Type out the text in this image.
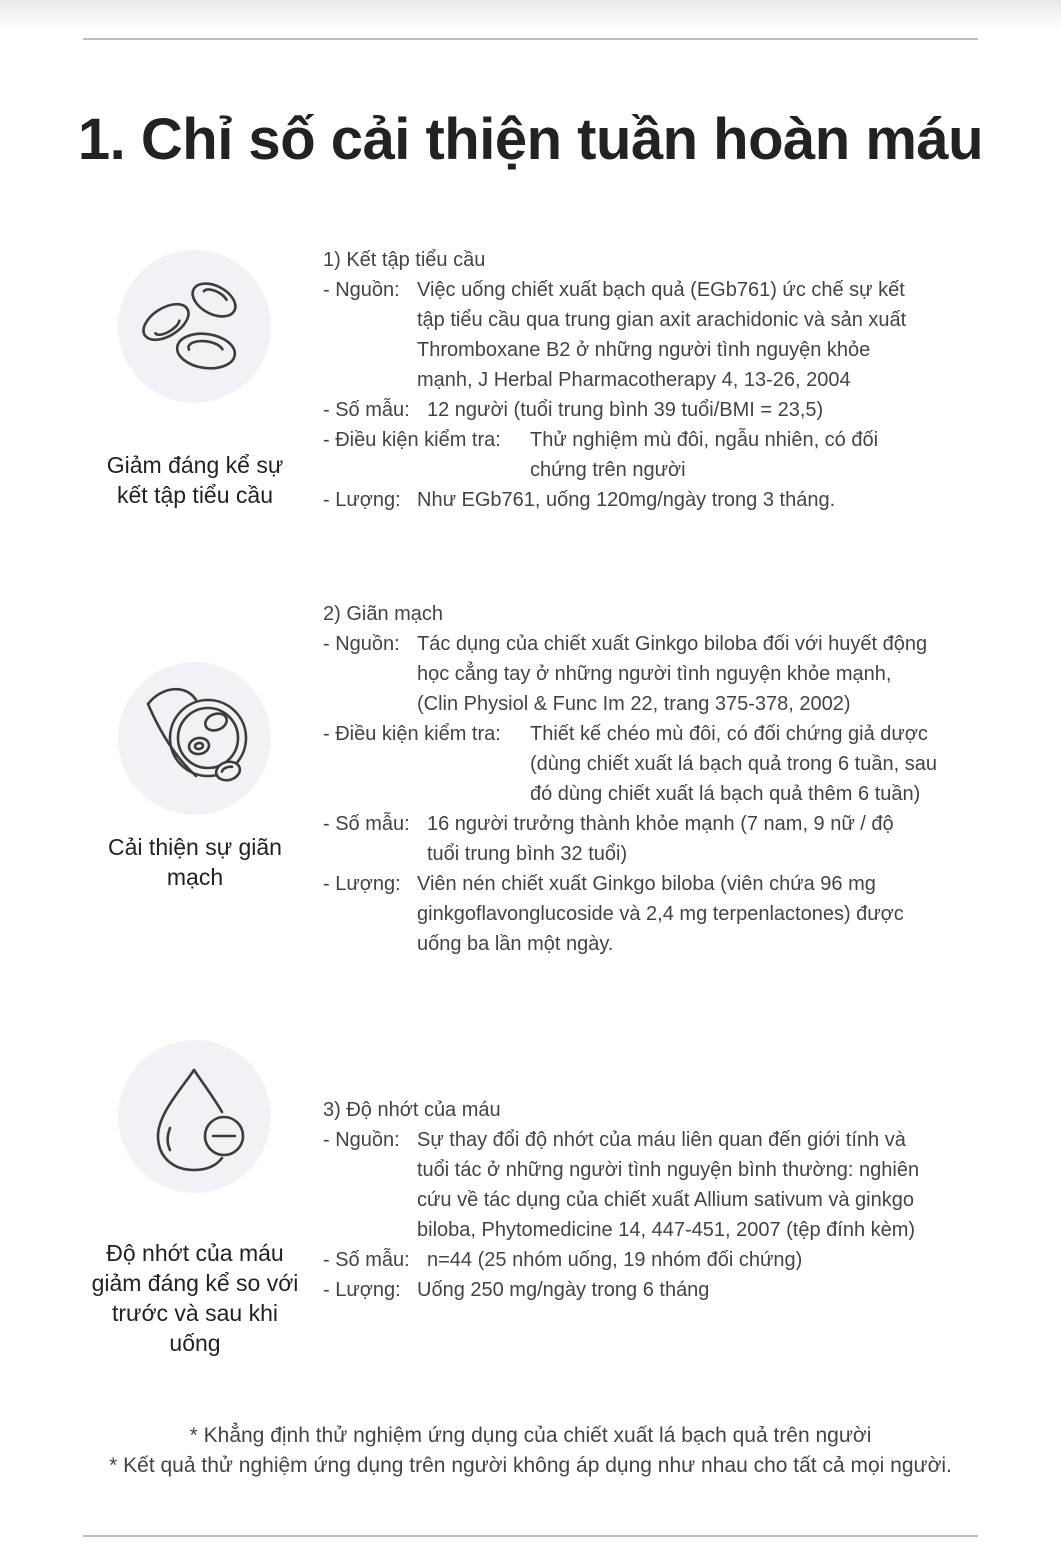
1. Chỉ số cải thiện tuần hoàn máu
Giảm đáng kể sự
kết tập tiểu cầu
1) Kết tập tiểu cầu
- Nguồn: Việc uống chiết xuất bạch quả (EGb761) ức chế sự kết
tập tiểu cầu qua trung gian axit arachidonic và sản xuất
Thromboxane B2 ở những người tình nguyện khỏe
mạnh, J Herbal Pharmacotherapy 4, 13-26, 2004
- Số mẫu: 12 người (tuổi trung bình 39 tuổi/BMI = 23,5)
- Điều kiện kiểm tra: Thử nghiệm mù đôi, ngẫu nhiên, có đối
chứng trên người
- Lượng: Như EGb761, uống 120mg/ngày trong 3 tháng.
Cải thiện sự giãn
mạch
2) Giãn mạch
- Nguồn: Tác dụng của chiết xuất Ginkgo biloba đối với huyết động
học cẳng tay ở những người tình nguyện khỏe mạnh,
(Clin Physiol & Func Im 22, trang 375-378, 2002)
- Điều kiện kiểm tra: Thiết kế chéo mù đôi, có đối chứng giả dược
(dùng chiết xuất lá bạch quả trong 6 tuần, sau
đó dùng chiết xuất lá bạch quả thêm 6 tuần)
- Số mẫu: 16 người trưởng thành khỏe mạnh (7 nam, 9 nữ / độ
tuổi trung bình 32 tuổi)
- Lượng: Viên nén chiết xuất Ginkgo biloba (viên chứa 96 mg
ginkgoflavonglucoside và 2,4 mg terpenlactones) được
uống ba lần một ngày.
Độ nhớt của máu
giảm đáng kể so với
trước và sau khi
uống
3) Độ nhớt của máu
- Nguồn: Sự thay đổi độ nhớt của máu liên quan đến giới tính và
tuổi tác ở những người tình nguyện bình thường: nghiên
cứu về tác dụng của chiết xuất Allium sativum và ginkgo
biloba, Phytomedicine 14, 447-451, 2007 (tệp đính kèm)
- Số mẫu: n=44 (25 nhóm uống, 19 nhóm đối chứng)
- Lượng: Uống 250 mg/ngày trong 6 tháng
* Khẳng định thử nghiệm ứng dụng của chiết xuất lá bạch quả trên người
* Kết quả thử nghiệm ứng dụng trên người không áp dụng như nhau cho tất cả mọi người.
